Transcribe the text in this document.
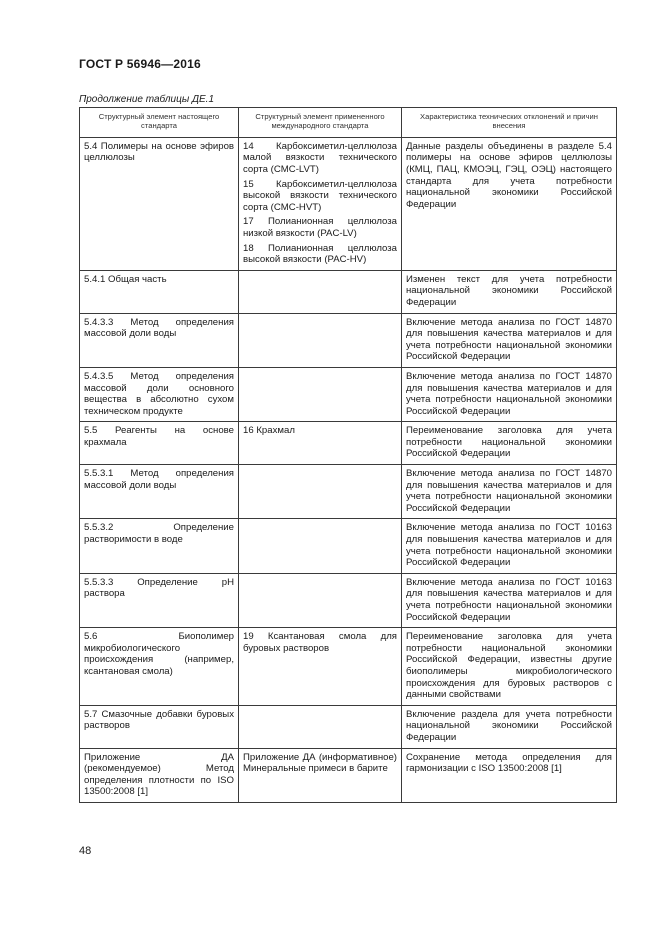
ГОСТ Р 56946—2016
Продолжение таблицы ДЕ.1
Структурный элемент настоящего стандарта	Структурный элемент примененного международного стандарта	Характеристика технических отклонений и причин внесения
5.4 Полимеры на основе эфиров целлюлозы	14 Карбоксиметил-целлюлоза малой вязкости технического сорта (CMC-LVT)
15 Карбоксиметил-целлюлоза высокой вязкости технического сорта (CMC-HVT)
17 Полианионная целлюлоза низкой вязкости (PAC-LV)
18 Полианионная целлюлоза высокой вязкости (PAC-HV)	Данные разделы объединены в разделе 5.4 полимеры на основе эфиров целлюлозы (КМЦ, ПАЦ, КМОЭЦ, ГЭЦ, ОЭЦ) настоящего стандарта для учета потребности национальной экономики Российской Федерации
5.4.1 Общая часть		Изменен текст для учета потребности национальной экономики Российской Федерации
5.4.3.3 Метод определения массовой доли воды		Включение метода анализа по ГОСТ 14870 для повышения качества материалов и для учета потребности национальной экономики Российской Федерации
5.4.3.5 Метод определения массовой доли основного вещества в абсолютно сухом техническом продукте		Включение метода анализа по ГОСТ 14870 для повышения качества материалов и для учета потребности национальной экономики Российской Федерации
5.5 Реагенты на основе крахмала	16 Крахмал	Переименование заголовка для учета потребности национальной экономики Российской Федерации
5.5.3.1 Метод определения массовой доли воды		Включение метода анализа по ГОСТ 14870 для повышения качества материалов и для учета потребности национальной экономики Российской Федерации
5.5.3.2 Определение растворимости в воде		Включение метода анализа по ГОСТ 10163 для повышения качества материалов и для учета потребности национальной экономики Российской Федерации
5.5.3.3 Определение pH раствора		Включение метода анализа по ГОСТ 10163 для повышения качества материалов и для учета потребности национальной экономики Российской Федерации
5.6 Биополимер микробиологического происхождения (например, ксантановая смола)	19 Ксантановая смола для буровых растворов	Переименование заголовка для учета потребности национальной экономики Российской Федерации, известны другие биополимеры микробиологического происхождения для буровых растворов с данными свойствами
5.7 Смазочные добавки буровых растворов		Включение раздела для учета потребности национальной экономики Российской Федерации
Приложение ДА (рекомендуемое) Метод определения плотности по ISO 13500:2008 [1]	Приложение ДА (информативное) Минеральные примеси в барите	Сохранение метода определения для гармонизации с ISO 13500:2008 [1]
48
